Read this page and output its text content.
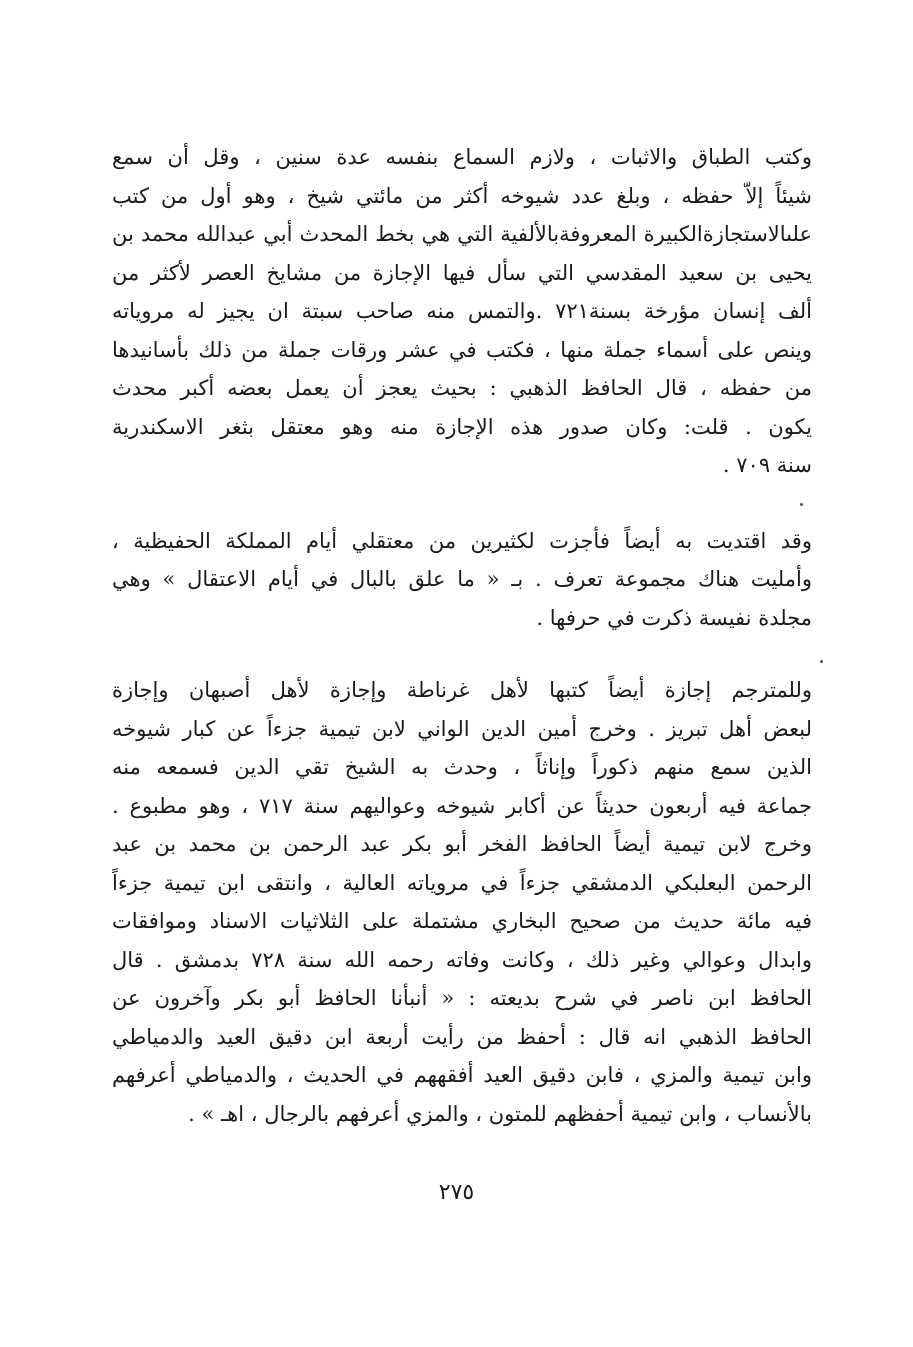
وكتب الطباق والاثبات ، ولازم السماع بنفسه عدة سنين ، وقل أن سمع
شيئاً إلاّ حفظه ، وبلغ عدد شيوخه أكثر من مائتي شيخ ، وهو أول من كتب
علىالاستجازةالكبيرة المعروفةبالألفية التي هي بخط المحدث أبي عبدالله محمد بن
يحيى بن سعيد المقدسي التي سأل فيها الإجازة من مشايخ العصر لأكثر من
ألف إنسان مؤرخة بسنة٧٢١ .والتمس منه صاحب سبتة ان يجيز له مروياته
وينص على أسماء جملة منها ، فكتب في عشر ورقات جملة من ذلك بأسانيدها
من حفظه ، قال الحافظ الذهبي : بحيث يعجز أن يعمل بعضه أكبر محدث
يكون . قلت: وكان صدور هذه الإجازة منه وهو معتقل بثغر الاسكندرية
سنة ٧٠٩ .
وقد اقتديت به أيضاً فأجزت لكثيرين من معتقلي أيام المملكة الحفيظية ،
وأمليت هناك مجموعة تعرف . بـ « ما علق بالبال في أيام الاعتقال » وهي
مجلدة نفيسة ذكرت في حرفها .
وللمترجم إجازة أيضاً كتبها لأهل غرناطة وإجازة لأهل أصبهان وإجازة
لبعض أهل تبريز . وخرج أمين الدين الواني لابن تيمية جزءاً عن كبار شيوخه
الذين سمع منهم ذكوراً وإناثاً ، وحدث به الشيخ تقي الدين فسمعه منه
جماعة فيه أربعون حديثاً عن أكابر شيوخه وعواليهم سنة ٧١٧ ، وهو مطبوع .
وخرج لابن تيمية أيضاً الحافظ الفخر أبو بكر عبد الرحمن بن محمد بن عبد
الرحمن البعلبكي الدمشقي جزءاً في مروياته العالية ، وانتقى ابن تيمية جزءاً
فيه مائة حديث من صحيح البخاري مشتملة على الثلاثيات الاسناد وموافقات
وابدال وعوالي وغير ذلك ، وكانت وفاته رحمه الله سنة ٧٢٨ بدمشق . قال
الحافظ ابن ناصر في شرح بديعته : « أنبأنا الحافظ أبو بكر وآخرون عن
الحافظ الذهبي انه قال : أحفظ من رأيت أربعة ابن دقيق العيد والدمياطي
وابن تيمية والمزي ، فابن دقيق العيد أفقههم في الحديث ، والدمياطي أعرفهم
بالأنساب ، وابن تيمية أحفظهم للمتون ، والمزي أعرفهم بالرجال ، اهـ » .
٢٧٥
